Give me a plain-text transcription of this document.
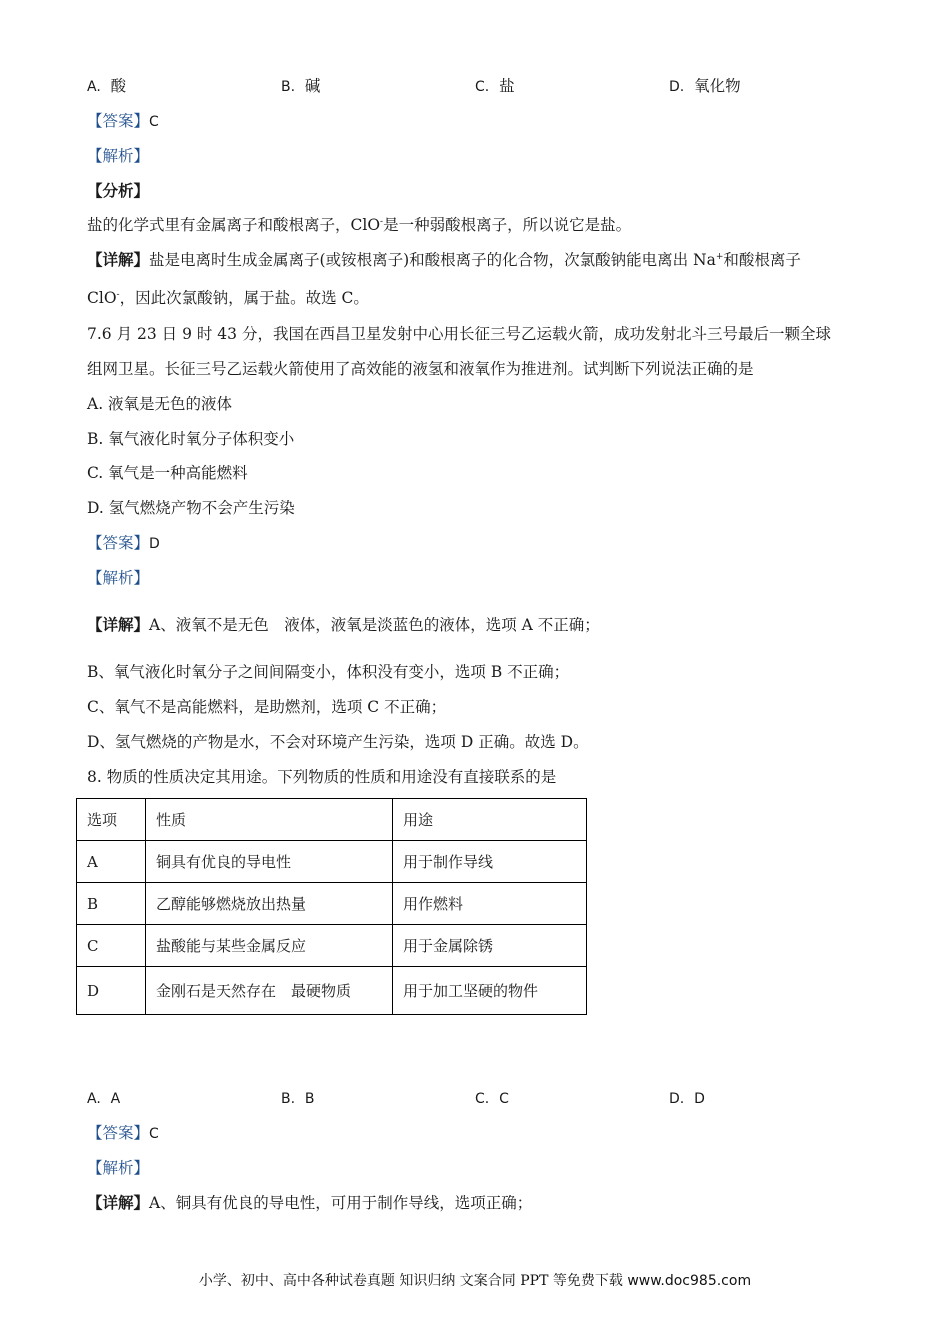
A. 酸	B. 碱	C. 盐	D. 氧化物
【答案】C
【解析】
【分析】
盐的化学式里有金属离子和酸根离子，ClO-是一种弱酸根离子，所以说它是盐。
【详解】盐是电离时生成金属离子(或铵根离子)和酸根离子的化合物，次氯酸钠能电离出 Na+和酸根离子
ClO-，因此次氯酸钠，属于盐。故选 C。
7.6 月 23 日 9 时 43 分，我国在西昌卫星发射中心用长征三号乙运载火箭，成功发射北斗三号最后一颗全球
组网卫星。长征三号乙运载火箭使用了高效能的液氢和液氧作为推进剂。试判断下列说法正确的是
A. 液氧是无色的液体
B. 氧气液化时氧分子体积变小
C. 氧气是一种高能燃料
D. 氢气燃烧产物不会产生污染
【答案】D
【解析】
【详解】A、液氧不是无色　液体，液氧是淡蓝色的液体，选项 A 不正确；
B、氧气液化时氧分子之间间隔变小，体积没有变小，选项 B 不正确；
C、氧气不是高能燃料，是助燃剂，选项 C 不正确；
D、氢气燃烧的产物是水，不会对环境产生污染，选项 D 正确。故选 D。
8. 物质的性质决定其用途。下列物质的性质和用途没有直接联系的是
选项	性质	用途
A	铜具有优良的导电性	用于制作导线
B	乙醇能够燃烧放出热量	用作燃料
C	盐酸能与某些金属反应	用于金属除锈
D	金刚石是天然存在　最硬物质	用于加工坚硬的物件
A. A	B. B	C. C	D. D
【答案】C
【解析】
【详解】A、铜具有优良的导电性，可用于制作导线，选项正确；
小学、初中、高中各种试卷真题 知识归纳 文案合同 PPT 等免费下载 www.doc985.com
